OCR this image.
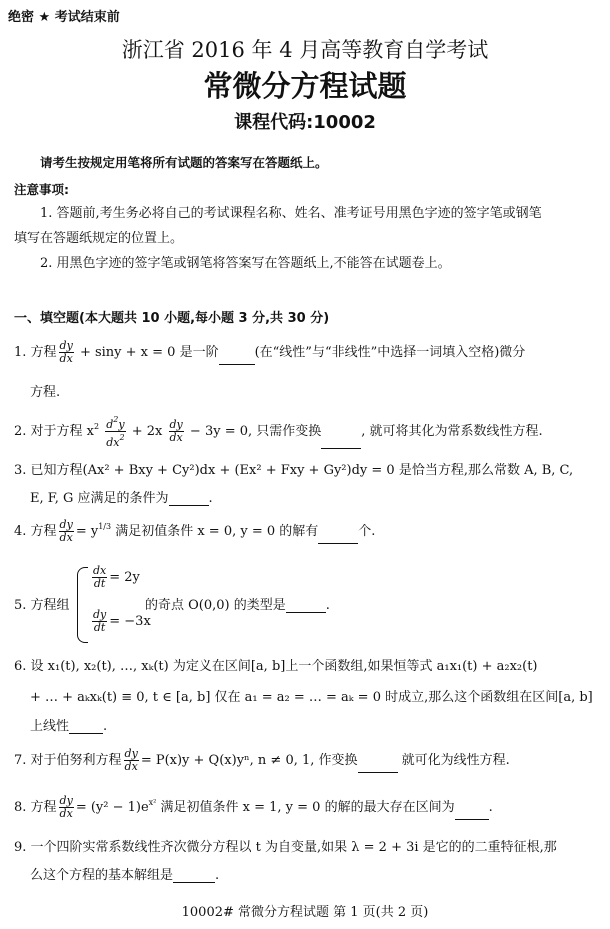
绝密 ★ 考试结束前
浙江省 2016 年 4 月高等教育自学考试
常微分方程试题
课程代码:10002
请考生按规定用笔将所有试题的答案写在答题纸上。
注意事项:
1. 答题前,考生务必将自己的考试课程名称、姓名、准考证号用黑色字迹的签字笔或钢笔
填写在答题纸规定的位置上。
2. 用黑色字迹的签字笔或钢笔将答案写在答题纸上,不能答在试题卷上。
一、填空题(本大题共 10 小题,每小题 3 分,共 30 分)
1. 方程 $\frac{dy}{dx} + \sin y + x = 0$ 是一阶	(在“线性”与“非线性”中选择一词填入空格)微分
方程.
2. 对于方程 $x^2 \frac{d^2y}{dx^2} + 2x \frac{dy}{dx} - 3y = 0$, 只需作变换	, 就可将其化为常系数线性方程.
3. 已知方程(Ax² + Bxy + Cy²)dx + (Ex² + Fxy + Gy²)dy = 0 是恰当方程,那么常数 A, B, C,
E, F, G 应满足的条件为	.
4. 方程 $\frac{dy}{dx} = y^{1/3}$ 满足初值条件 x = 0, y = 0 的解有	个.
5. 方程组
$\frac{dx}{dt} = 2y$
$\frac{dy}{dt} = -3x$
的奇点 O(0,0) 的类型是	.
6. 设 x₁(t), x₂(t), …, xₖ(t) 为定义在区间[a, b]上一个函数组,如果恒等式 a₁x₁(t) + a₂x₂(t)
+ … + aₖxₖ(t) ≡ 0, t ∈ [a, b] 仅在 a₁ = a₂ = … = aₖ = 0 时成立,那么这个函数组在区间[a, b]
上线性	.
7. 对于伯努利方程 $\frac{dy}{dx} = P(x)y + Q(x)y^n$, n ≠ 0, 1, 作变换	就可化为线性方程.
8. 方程 $\frac{dy}{dx} = (y^2 - 1)e^{x^2}$ 满足初值条件 x = 1, y = 0 的解的最大存在区间为	.
9. 一个四阶实常系数线性齐次微分方程以 t 为自变量,如果 λ = 2 + 3i 是它的的二重特征根,那
么这个方程的基本解组是	.
10002# 常微分方程试题 第 1 页(共 2 页)
